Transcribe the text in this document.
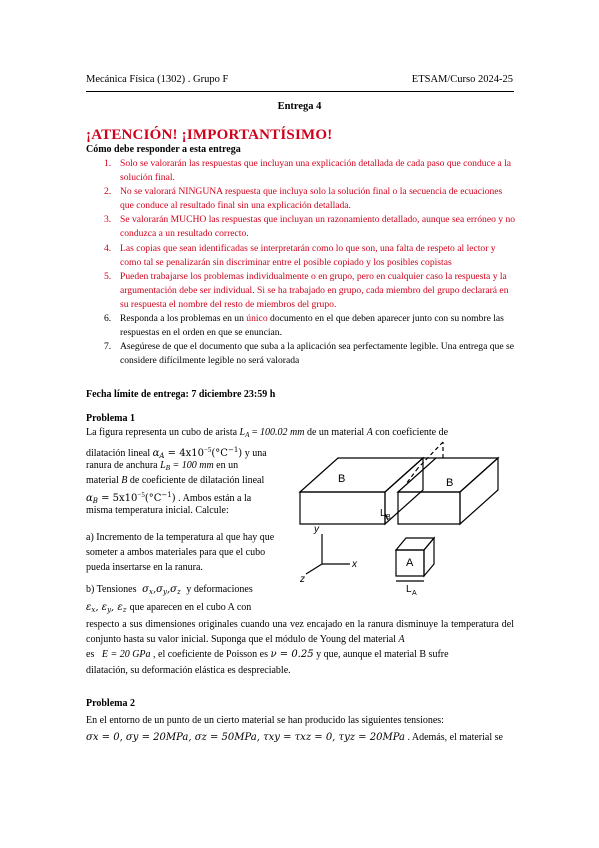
Mecánica Física (1302) . Grupo F	ETSAM/Curso 2024-25
Entrega 4
¡ATENCIÓN! ¡IMPORTANTÍSIMO!
Cómo debe responder a esta entrega
1. Solo se valorarán las respuestas que incluyan una explicación detallada de cada paso que conduce a la solución final.
2. No se valorará NINGUNA respuesta que incluya solo la solución final o la secuencia de ecuaciones que conduce al resultado final sin una explicación detallada.
3. Se valorarán MUCHO las respuestas que incluyan un razonamiento detallado, aunque sea erróneo y no conduzca a un resultado correcto.
4. Las copias que sean identificadas se interpretarán como lo que son, una falta de respeto al lector y como tal se penalizarán sin discriminar entre el posible copiado y los posibles copistas
5. Pueden trabajarse los problemas individualmente o en grupo, pero en cualquier caso la respuesta y la argumentación debe ser individual. Si se ha trabajado en grupo, cada miembro del grupo declarará en su respuesta el nombre del resto de miembros del grupo.
6. Responda a los problemas en un único documento en el que deben aparecer junto con su nombre las respuestas en el orden en que se enuncian.
7. Asegúrese de que el documento que suba a la aplicación sea perfectamente legible. Una entrega que se considere difícilmente legible no será valorada
Fecha límite de entrega: 7 diciembre 23:59 h
Problema 1
La figura representa un cubo de arista $L_A = 100.02$ mm de un material A con coeficiente de
dilatación lineal $\alpha_A = 4x10^{-5}(^\circ C^{-1})$ y una
ranura de anchura $L_B = 100$ mm en un
material B de coeficiente de dilatación lineal
$\alpha_B = 5x10^{-5}(^\circ C^{-1})$ . Ambos están a la
misma temperatura inicial. Calcule:
a) Incremento de la temperatura al que hay que someter a ambos materiales para que el cubo pueda insertarse en la ranura.
b) Tensiones  $\sigma_x,\sigma_y,\sigma_z$ y deformaciones
$\varepsilon_x$, $\varepsilon_y$, $\varepsilon_z$ que aparecen en el cubo A con
respecto a sus dimensiones originales cuando una vez encajado en la ranura disminuye la temperatura del conjunto hasta su valor inicial. Suponga que el módulo de Young del material A
es E = 20 GPa , el coeficiente de Poisson es ν = 0.25 y que, aunque el material B sufre
dilatación, su deformación elástica es despreciable.
B	B
L B
A
L A
x
y
z
Problema 2
En el entorno de un punto de un cierto material se han producido las siguientes tensiones:
σx = 0, σy = 20MPa, σz = 50MPa, τxy = τxz = 0, τyz = 20MPa . Además, el material se
